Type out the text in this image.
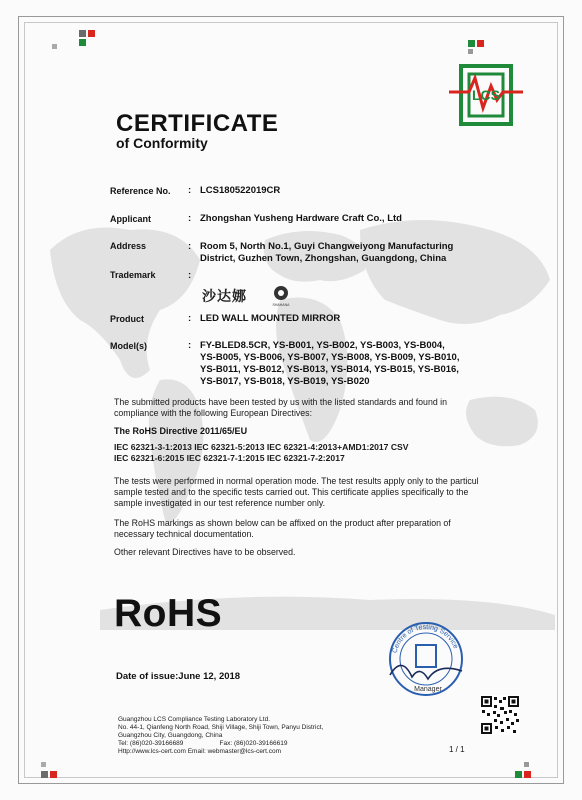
LCS
CERTIFICATE
of Conformity
Reference No. : LCS180522019CR
Applicant	: Zhongshan Yusheng Hardware Craft Co., Ltd
Address	: Room 5, North No.1, Guyi Changweiyong Manufacturing
District, Guzhen Town, Zhongshan, Guangdong, China
Trademark	:
沙达娜	SHAHANA
Product	: LED WALL MOUNTED MIRROR
Model(s)	: FY-BLED8.5CR, YS-B001, YS-B002, YS-B003, YS-B004,
YS-B005, YS-B006, YS-B007, YS-B008, YS-B009, YS-B010,
YS-B011, YS-B012, YS-B013, YS-B014, YS-B015, YS-B016,
YS-B017, YS-B018, YS-B019, YS-B020
The submitted products have been tested by us with the listed standards and found in
compliance with the following European Directives:
The RoHS Directive 2011/65/EU
IEC 62321-3-1:2013 IEC 62321-5:2013 IEC 62321-4:2013+AMD1:2017 CSV
IEC 62321-6:2015 IEC 62321-7-1:2015 IEC 62321-7-2:2017
The tests were performed in normal operation mode. The test results apply only to the particul
sample tested and to the specific tests carried out. This certificate applies specifically to the
sample investigated in our test reference number only.
The RoHS markings as shown below can be affixed on the product after preparation of
necessary technical documentation.
Other relevant Directives have to be observed.
RoHS
Date of issue:June 12, 2018
Centre of Testing Service
Manager
Guangzhou LCS Compliance Testing Laboratory Ltd.
No. 44-1, Qianfeng North Road, Shiji Village, Shiji Town, Panyu District,
Guangzhou City, Guangdong, China
Tel: (86)020-39166689                    Fax: (86)020-39166619
Http://www.lcs-cert.com Email: webmaster@lcs-cert.com	1 / 1
